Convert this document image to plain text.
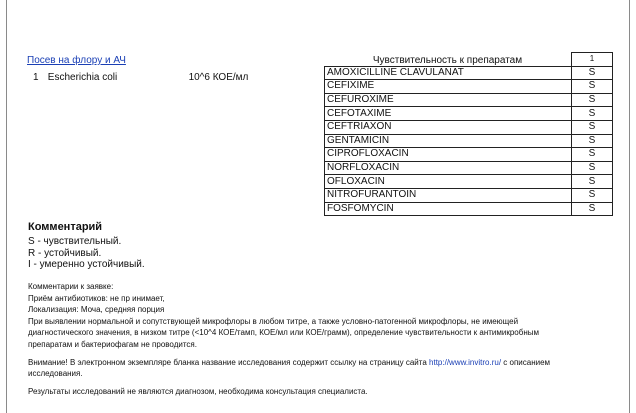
Посев на флору и АЧ
1 Escherichia coli	10^6 КОЕ/мл
Чувствительность к препаратам
		1
AMOXICILLINE CLAVULANAT	S
CEFIXIME	S
CEFUROXIME	S
CEFOTAXIME	S
CEFTRIAXON	S
GENTAMICIN	S
CIPROFLOXACIN	S
NORFLOXACIN	S
OFLOXACIN	S
NITROFURANTOIN	S
FOSFOMYCIN	S
Комментарий
S - чувствительный.
R - устойчивый.
I - умеренно устойчивый.

Комментарии к заявке:

Приём антибиотиков: не пр инимает,

Локализация: Моча, средняя порция

При выявлении нормальной и сопутствующей микрофлоры в любом титре, а также условно-патогенной микрофлоры, не имеющей

диагностического значения, в низком титре (<10^4 КОЕ/тамп, КОЕ/мл или КОЕ/грамм), определение чувствительности к антимикробным

препаратам и бактериофагам не проводится.

Внимание! В электронном экземпляре бланка название исследования содержит ссылку на страницу сайта http://www.invitro.ru/ с описанием

исследования.

Результаты исследований не являются диагнозом, необходима консультация специалиста.
